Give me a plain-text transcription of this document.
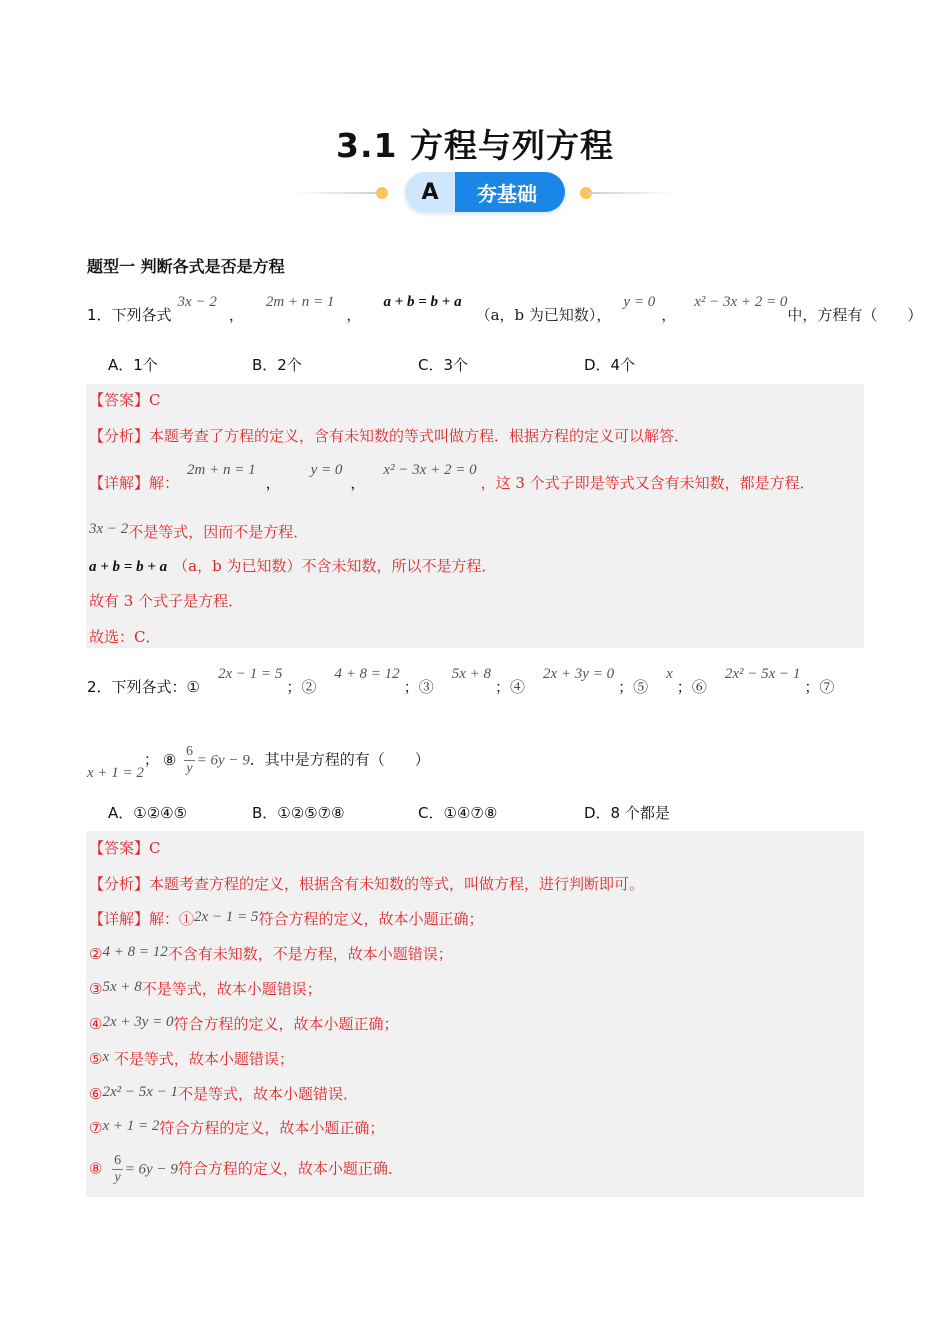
3.1 方程与列方程
A	夯基础
题型一 判断各式是否是方程
1．下列各式3x − 2，2m + n = 1，a + b = b + a（a，b 为已知数），y = 0，x² − 3x + 2 = 0中，方程有（　　）
A．1个	B．2个	C．3个	D．4个
【答案】C
【分析】本题考查了方程的定义，含有未知数的等式叫做方程．根据方程的定义可以解答．
【详解】解：2m + n = 1，y = 0，x² − 3x + 2 = 0，这 3 个式子即是等式又含有未知数，都是方程．
3x − 2不是等式，因而不是方程．
a + b = b + a （a，b 为已知数）不含未知数，所以不是方程．
故有 3 个式子是方程．
故选：C．
2．下列各式：①2x − 1 = 5；②4 + 8 = 12；③5x + 8；④2x + 3y = 0；⑤x；⑥2x² − 5x − 1；⑦
x + 1 = 2； ⑧ $\frac{6}{y} = 6y - 9$．其中是方程的有（　　）
A．①②④⑤	B．①②⑤⑦⑧	C．①④⑦⑧	D．8 个都是
【答案】C
【分析】本题考查方程的定义，根据含有未知数的等式，叫做方程，进行判断即可。
【详解】解：①2x − 1 = 5符合方程的定义，故本小题正确；
②4 + 8 = 12不含有未知数，不是方程，故本小题错误；
③5x + 8不是等式，故本小题错误；
④2x + 3y = 0符合方程的定义，故本小题正确；
⑤x 不是等式，故本小题错误；
⑥2x² − 5x − 1不是等式，故本小题错误．
⑦x + 1 = 2符合方程的定义，故本小题正确；
⑧ $\frac{6}{y} = 6y - 9$符合方程的定义，故本小题正确．
